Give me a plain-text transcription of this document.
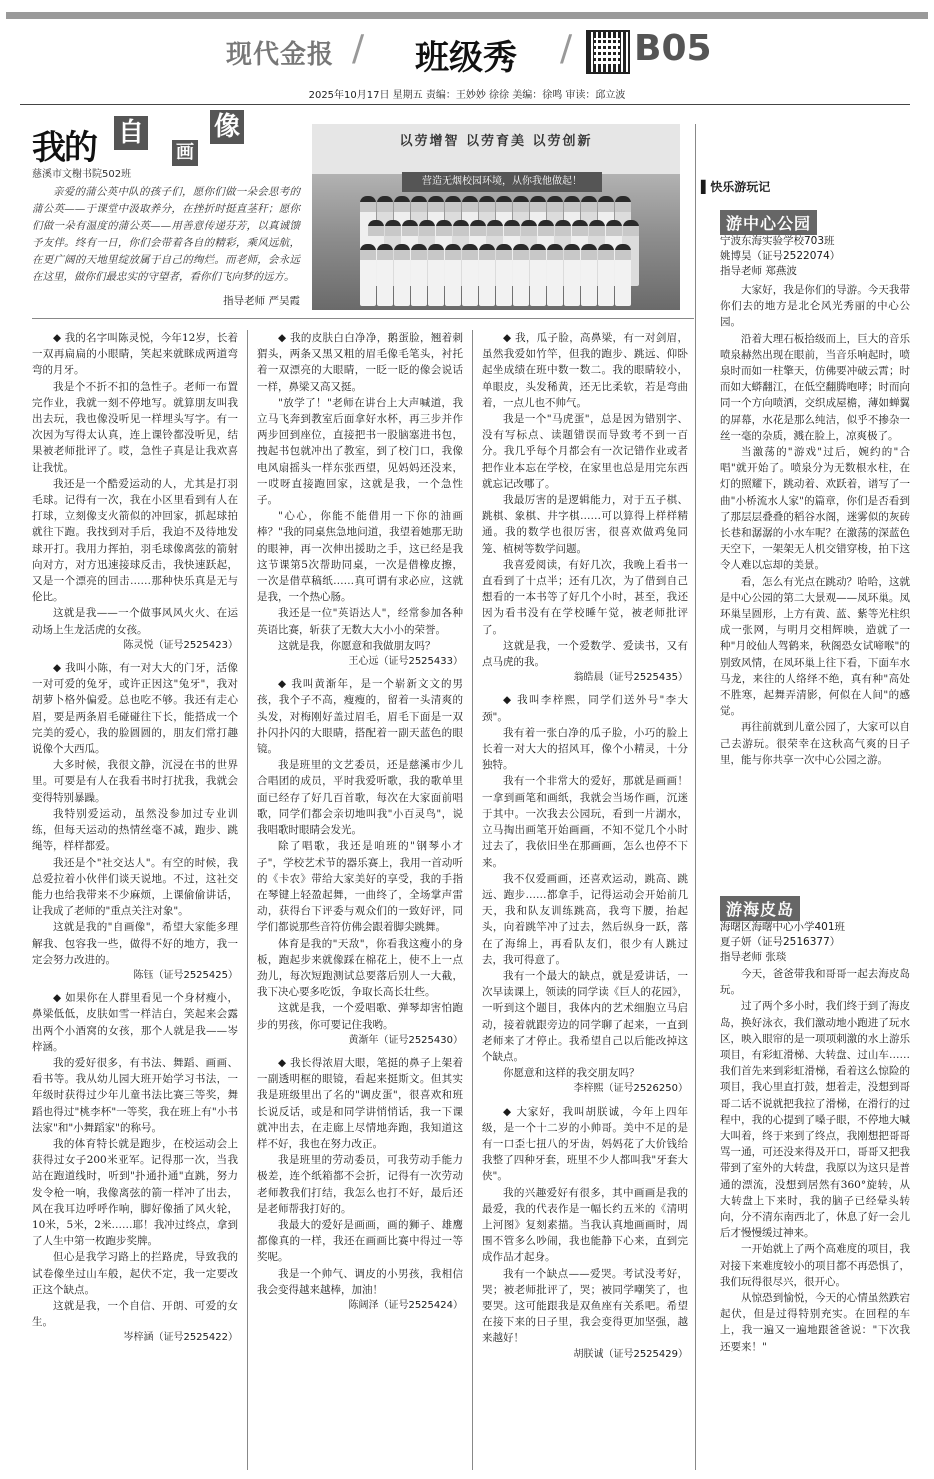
现代金报 / 班级秀 / B05
2025年10月17日 星期五 责编：王妙妙 徐徐 美编：徐鸣 审读：邱立波
我的 自
画
像
慈溪市文榭书院502班
亲爱的蒲公英中队的孩子们，愿你们做一朵会思考的蒲公英——于课堂中汲取养分，在挫折时挺直茎秆；愿你们做一朵有温度的蒲公英——用善意传递芬芳，以真诚馈予友伴。终有一日，你们会带着各自的精彩，乘风远航，在更广阔的天地里绽放属于自己的绚烂。而老师，会永远在这里，做你们最忠实的守望者，看你们飞向梦的远方。
指导老师 严吴霞
以劳增智 以劳育美 以劳创新
营造无烟校园环境，从你我他做起！

◆ 我的名字叫陈灵悦，今年12岁，长着一双再扁扁的小眼睛，笑起来就眯成两道弯弯的月牙。

我是个不折不扣的急性子。老师一布置完作业，我就一刻不停地写。就算朋友叫我出去玩，我也像没听见一样埋头写字。有一次因为写得太认真，连上课铃都没听见，结果被老师批评了。哎，急性子真是让我欢喜让我忧。

我还是一个酷爱运动的人，尤其是打羽毛球。记得有一次，我在小区里看到有人在打球，立刻像支火箭似的冲回家，抓起球拍就往下跑。我找到对手后，我迫不及待地发球开打。我用力挥拍，羽毛球像离弦的箭射向对方，对方迅速接球反击，我快速跃起，又是一个漂亮的回击……那种快乐真是无与伦比。

这就是我——一个做事风风火火、在运动场上生龙活虎的女孩。

陈灵悦（证号2525423）

◆ 我叫小陈，有一对大大的门牙，活像一对可爱的兔牙，或许正因这"兔牙"，我对胡萝卜格外偏爱。总也吃不够。我还有走心眉，要是两条眉毛碰碰往下长，能搭成一个完美的爱心，我的脸圆圆的，朋友们常打趣说像个大西瓜。

大多时候，我很文静，沉浸在书的世界里。可要是有人在我看书时打扰我，我就会变得特别暴躁。

我特别爱运动，虽然没参加过专业训练，但每天运动的热情丝毫不减，跑步、跳绳等，样样都爱。

我还是个"社交达人"。有空的时候，我总爱拉着小伙伴们谈天说地。不过，这社交能力也给我带来不少麻烦，上课偷偷讲话，让我成了老师的"重点关注对象"。

这就是我的"自画像"，希望大家能多理解我、包容我一些，做得不好的地方，我一定会努力改进的。

陈钰（证号2525425）

◆ 如果你在人群里看见一个身材瘦小，鼻梁低低，皮肤如雪一样洁白，笑起来会露出两个小酒窝的女孩，那个人就是我——岑梓涵。

我的爱好很多，有书法、舞蹈、画画、看书等。我从幼儿园大班开始学习书法，一年级时获得过少年儿童书法比赛三等奖，舞蹈也得过"桃李杯"一等奖，我在班上有"小书法家"和"小舞蹈家"的称号。

我的体育特长就是跑步，在校运动会上获得过女子200米亚军。记得那一次，当我站在跑道线时，听到"扑通扑通"直跳，努力发令枪一响，我像离弦的箭一样冲了出去，风在我耳边呼呼作响，脚好像插了风火轮，10米，5米，2米……耶！我冲过终点，拿到了人生中第一枚跑步奖牌。

但心是我学习路上的拦路虎，导致我的试卷像坐过山车般，起伏不定，我一定要改正这个缺点。

这就是我，一个自信、开朗、可爱的女生。

岑梓涵（证号2525422）

◆ 我的皮肤白白净净，鹅蛋脸，翘着刺猬头，两条又黑又粗的眉毛像毛笔头，衬托着一双漂亮的大眼睛，一眨一眨的像会说话一样，鼻梁又高又挺。

"放学了！"老师在讲台上大声喊道，我立马飞奔到教室后面拿好水杯，再三步并作两步回到座位，直接把书一股脑塞进书包，拽起书包就冲出了教室，到了校门口，我像电风扇摇头一样东张西望，见妈妈还没来，一哎呀直接跑回家，这就是我，一个急性子。

"心心，你能不能借用一下你的油画棒？"我的同桌焦急地问道，我望着她那无助的眼神，再一次伸出援助之手，这已经是我这节课第5次帮助同桌，一次是借橡皮擦，一次是借草稿纸……真可谓有求必应，这就是我，一个热心肠。

我还是一位"英语达人"，经常参加各种英语比赛，斩获了无数大大小小的荣誉。

这就是我，你愿意和我做朋友吗？

王心远（证号2525433）

◆ 我叫黄渐年，是一个崭新文文的男孩，我个子不高，瘦瘦的，留着一头清爽的头发，对梅刚好盖过眉毛，眉毛下面是一双扑闪扑闪的大眼睛，搭配着一副天蓝色的眼镜。

我是班里的文艺委员，还是慈溪市少儿合唱团的成员，平时我爱听歌，我的歌单里面已经存了好几百首歌，每次在大家面前唱歌，同学们都会亲切地叫我"小百灵鸟"，说我唱歌时眼睛会发光。

除了唱歌，我还是咱班的"钢琴小才子"，学校艺术节的器乐赛上，我用一首动听的《卡农》带给大家美好的享受，我的手指在琴键上轻盈起舞，一曲终了，全场掌声雷动，获得台下评委与观众们的一致好评，同学们都说那些音符仿佛会跟着脚尖跳舞。

体育是我的"天敌"，你看我这瘦小的身板，跑起步来就像踩在棉花上，使不上一点劲儿，每次短跑测试总要落后别人一大截，我下决心要多吃饭，争取长高长壮些。

这就是我，一个爱唱歌、弹琴却害怕跑步的男孩，你可要记住我哟。

黄渐年（证号2525430）

◆ 我长得浓眉大眼，笔挺的鼻子上架着一副透明框的眼镜，看起来挺斯文。但其实我是班级里出了名的"调皮蛋"，很喜欢和班长说反话，或是和同学讲悄悄话，我一下课就冲出去，在走廊上尽情地奔跑，我知道这样不好，我也在努力改正。

我是班里的劳动委员，可我劳动手能力极差，连个纸箱都不会折，记得有一次劳动老师教我们打结，我怎么也打不好，最后还是老师帮我打好的。

我最大的爱好是画画，画的狮子、雄鹰都像真的一样，我还在画画比赛中得过一等奖呢。

我是一个帅气、调皮的小男孩，我相信我会变得越来越棒，加油！

陈阔泽（证号2525424）

◆ 我，瓜子脸，高鼻梁，有一对剑眉，虽然我爱如竹竿，但我的跑步、跳远、仰卧起坐成绩在班中数一数二。我的眼睛较小，单眼皮，头发稀黄，还无比柔软，若是弯曲着，一点儿也不帅气。

我是一个"马虎蛋"，总是因为错别字、没有写标点、读题错误而导致考不到一百分。我几乎每个月都会有一次记错作业或者把作业本忘在学校，在家里也总是用完东西就忘记改哪了。

我最厉害的是逻辑能力，对于五子棋、跳棋、象棋、井字棋……可以算得上样样精通。我的数学也很厉害，很喜欢做鸡兔同笼、植树等数学问题。

我喜爱阅读，有好几次，我晚上看书一直看到了十点半；还有几次，为了借到自己想看的一本书等了好几个小时，甚至，我还因为看书没有在学校睡午觉，被老师批评了。

这就是我，一个爱数学、爱读书，又有点马虎的我。

翁皓晨（证号2525435）

◆ 我叫李梓熙，同学们送外号"李大颈"。

我有着一张白净的瓜子脸，小巧的脸上长着一对大大的招风耳，像个小精灵，十分独特。

我有一个非常大的爱好，那就是画画！一拿到画笔和画纸，我就会当场作画，沉迷于其中。一次我去公园玩，看到一片湖水，立马掏出画笔开始画画，不知不觉几个小时过去了，我依旧坐在那画画，怎么也停不下来。

我不仅爱画画，还喜欢运动，跳高、跳远、跑步……都拿手，记得运动会开始前几天，我和队友训练跳高，我弯下腰，抬起头，向着跳竿冲了过去，然后纵身一跃，落在了海绵上，再看队友们，很少有人跳过去，我可得意了。

我有一个最大的缺点，就是爱讲话，一次早读课上，领读的同学读《巨人的花园》，一听到这个题目，我体内的艺术细胞立马启动，接着就跟旁边的同学聊了起来，一直到老师来了才停止。我希望自己以后能改掉这个缺点。

你愿意和这样的我交朋友吗？

李梓熙（证号2526250）

◆ 大家好，我叫胡朕诚，今年上四年级，是一个十二岁的小帅哥。美中不足的是有一口歪七扭八的牙齿，妈妈花了大价钱给我整了四种牙套，班里不少人都叫我"牙套大侠"。

我的兴趣爱好有很多，其中画画是我的最爱，我的代表作是一幅长约五米的《清明上河图》复刻素描。当我认真地画画时，周围不管多么吵闹，我也能静下心来，直到完成作品才起身。

我有一个缺点——爱哭。考试没考好，哭；被老师批评了，哭；被同学嘲笑了，也要哭。这可能跟我是双鱼座有关系吧。希望在接下来的日子里，我会变得更加坚强，越来越好！

胡朕诚（证号2525429）

▌快乐游玩记
游中心公园
宁波东海实验学校703班
姚博昊（证号2522074）
指导老师 郑燕波

大家好，我是你们的导游。今天我带你们去的地方是北仑风光秀丽的中心公园。

沿着大理石板拾级而上，巨大的音乐喷泉赫然出现在眼前，当音乐响起时，喷泉时而如一柱擎天，仿佛要冲破云霄；时而如大蟒翻江，在低空翻腾咆哮；时而向同一个方向喷洒，交织成屋檐，薄如蝉翼的屏幕，水花是那么纯洁，似乎不掺杂一丝一毫的杂质，溅在脸上，凉爽极了。

当激荡的"游戏"过后，婉约的"合唱"就开始了。喷泉分为无数根水柱，在灯的照耀下，跳动着、欢跃着，谱写了一曲"小桥流水人家"的篇章，你们是否看到了那层层叠叠的稻谷水阁，迷雾似的灰砖长巷和潺潺的小水车呢？在激荡的深蓝色天空下，一架架无人机交错穿梭，拍下这令人难以忘却的美景。

看，怎么有光点在跳动？哈哈，这就是中心公园的第二大景观——凤环巢。凤环巢呈圆形，上方有黄、蓝、紫等光柱织成一张网，与明月交相辉映，造就了一种"月皎仙人驾鹤来，秋阁恐女试啼喉"的别致风情，在凤环巢上往下看，下面车水马龙，来往的人络绎不绝，真有种"高处不胜寒，起舞弄清影，何似在人间"的感觉。

再往前就到儿童公园了，大家可以自己去游玩。很荣幸在这秋高气爽的日子里，能与你共享一次中心公园之游。

游海皮岛
海曙区海曙中心小学401班
夏子妍（证号2516377）
指导老师 张琰

今天，爸爸带我和哥哥一起去海皮岛玩。

过了两个多小时，我们终于到了海皮岛，换好泳衣，我们激动地小跑进了玩水区，映入眼帘的是一项项刺激的水上游乐项目，有彩虹滑梯、大转盘、过山车……我们首先来到彩虹滑梯，看着这么惊险的项目，我心里直打鼓，想着走，没想到哥哥二话不说就把我拉了滑梯，在滑行的过程中，我的心提到了嗓子眼，不停地大喊大叫着，终于来到了终点，我刚想把哥哥骂一通，可还没来得及开口，哥哥又把我带到了室外的大转盘，我原以为这只是普通的漂流，没想到居然有360°旋转，从大转盘上下来时，我的脑子已经晕头转向，分不清东南西北了，休息了好一会儿后才慢慢缓过神来。

一开始就上了两个高难度的项目，我对接下来难度较小的项目都不再恐惧了，我们玩得很尽兴，很开心。

从惊恐到愉悦，今天的心情虽然跌宕起伏，但是过得特别充实。在回程的车上，我一遍又一遍地跟爸爸说："下次我还要来！"
